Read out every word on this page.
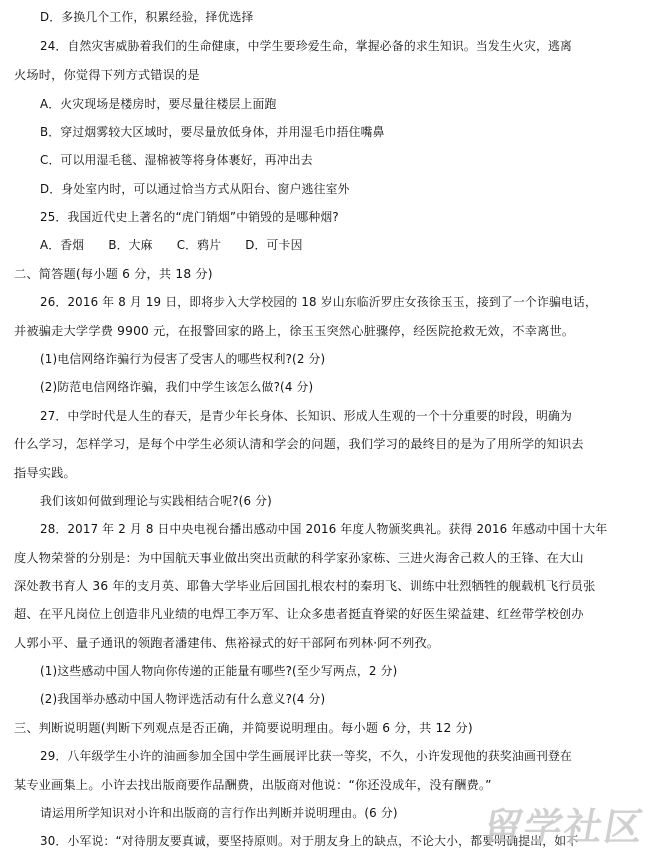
D．多换几个工作，积累经验，择优选择
24．自然灾害威胁着我们的生命健康，中学生要珍爱生命，掌握必备的求生知识。当发生火灾，逃离
火场时，你觉得下列方式错误的是
A．火灾现场是楼房时，要尽量往楼层上面跑
B．穿过烟雾较大区域时，要尽量放低身体，并用湿毛巾捂住嘴鼻
C．可以用湿毛毯、湿棉被等将身体裹好，再冲出去
D．身处室内时，可以通过恰当方式从阳台、窗户逃往室外
25．我国近代史上著名的“虎门销烟”中销毁的是哪种烟?
A．香烟　　B．大麻　　C．鸦片　　D．可卡因
二、简答题(每小题 6 分，共 18 分)
26．2016 年 8 月 19 日，即将步入大学校园的 18 岁山东临沂罗庄女孩徐玉玉，接到了一个诈骗电话，
并被骗走大学学费 9900 元，在报警回家的路上，徐玉玉突然心脏骤停，经医院抢救无效，不幸离世。
(1)电信网络诈骗行为侵害了受害人的哪些权利?(2 分)
(2)防范电信网络诈骗，我们中学生该怎么做?(4 分)
27．中学时代是人生的春天，是青少年长身体、长知识、形成人生观的一个十分重要的时段，明确为
什么学习，怎样学习，是每个中学生必须认清和学会的问题，我们学习的最终目的是为了用所学的知识去
指导实践。
我们该如何做到理论与实践相结合呢?(6 分)
28．2017 年 2 月 8 日中央电视台播出感动中国 2016 年度人物颁奖典礼。获得 2016 年感动中国十大年
度人物荣誉的分别是：为中国航天事业做出突出贡献的科学家孙家栋、三进火海舍己救人的王锋、在大山
深处教书育人 36 年的支月英、耶鲁大学毕业后回国扎根农村的秦玥飞、训练中壮烈牺牲的舰载机飞行员张
超、在平凡岗位上创造非凡业绩的电焊工李万军、让众多患者挺直脊梁的好医生梁益建、红丝带学校创办
人郭小平、量子通讯的领跑者潘建伟、焦裕禄式的好干部阿布列林·阿不列孜。
(1)这些感动中国人物向你传递的正能量有哪些?(至少写两点，2 分)
(2)我国举办感动中国人物评选活动有什么意义?(4 分)
三、判断说明题(判断下列观点是否正确，并简要说明理由。每小题 6 分，共 12 分)
29．八年级学生小许的油画参加全国中学生画展评比获一等奖，不久，小许发现他的获奖油画刊登在
某专业画集上。小许去找出版商要作品酬费，出版商对他说：“你还没成年，没有酬费。”
请运用所学知识对小许和出版商的言行作出判断并说明理由。(6 分)
30．小军说：“对待朋友要真诚，要坚持原则。对于朋友身上的缺点，不论大小，都要明确提出，如不
留学社区
